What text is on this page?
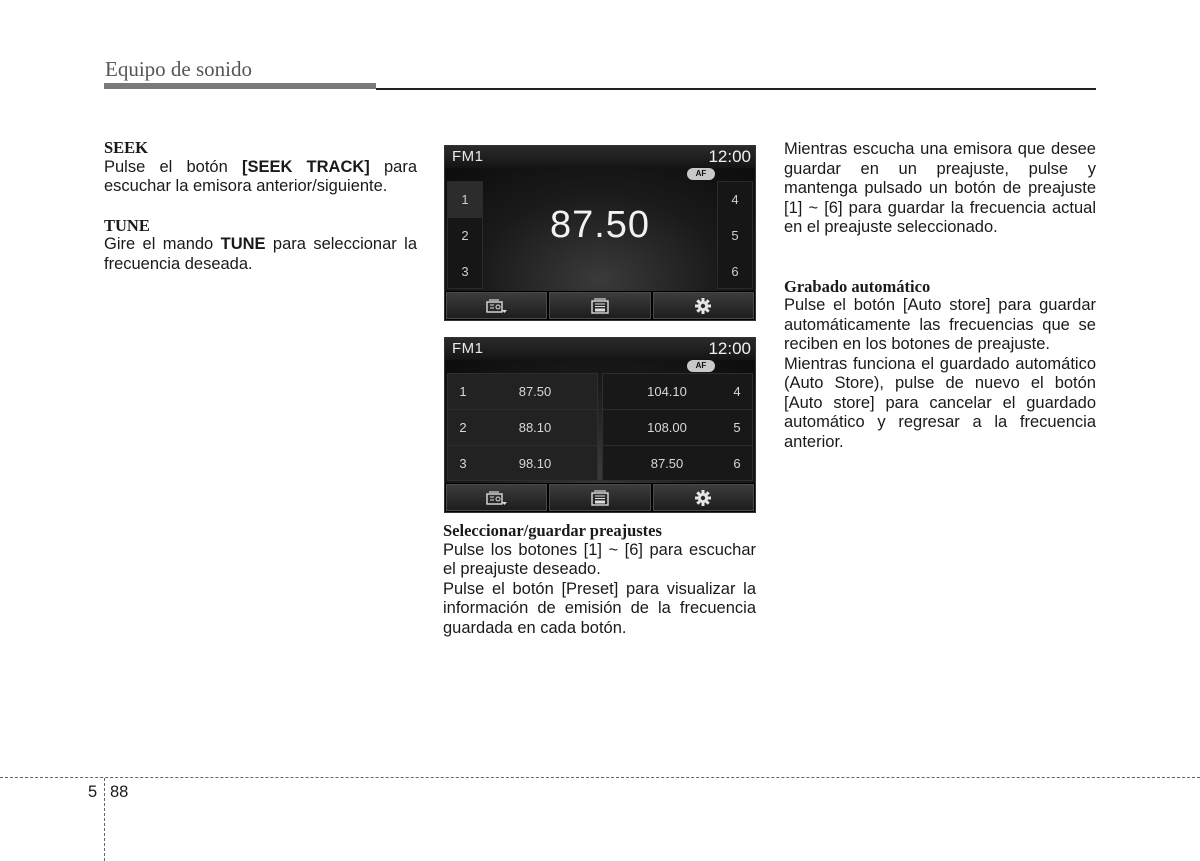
Equipo de sonido

SEEK

Pulse el botón [SEEK TRACK] para escuchar la emisora anterior/siguiente.

TUNE

Gire el mando TUNE para seleccionar la frecuencia deseada.

FM1	12:00
AF
1
2
3
87.50
4
5
6
FM1	12:00
AF
1	87.50
2	88.10
3	98.10
104.10	4
108.00	5
87.50	6

Seleccionar/guardar preajustes

Pulse los botones [1] ~ [6] para escuchar el preajuste deseado.

Pulse el botón [Preset] para visualizar la información de emisión de la frecuencia guardada en cada botón.

Mientras escucha una emisora que desee guardar en un preajuste, pulse y mantenga pulsado un botón de preajuste [1] ~ [6] para guardar la frecuencia actual en el preajuste seleccionado.

Grabado automático

Pulse el botón [Auto store] para guardar automáticamente las frecuencias que se reciben en los botones de preajuste.

Mientras funciona el guardado automático (Auto Store), pulse de nuevo el botón [Auto store] para cancelar el guardado automático y regresar a la frecuencia anterior.

5 88
